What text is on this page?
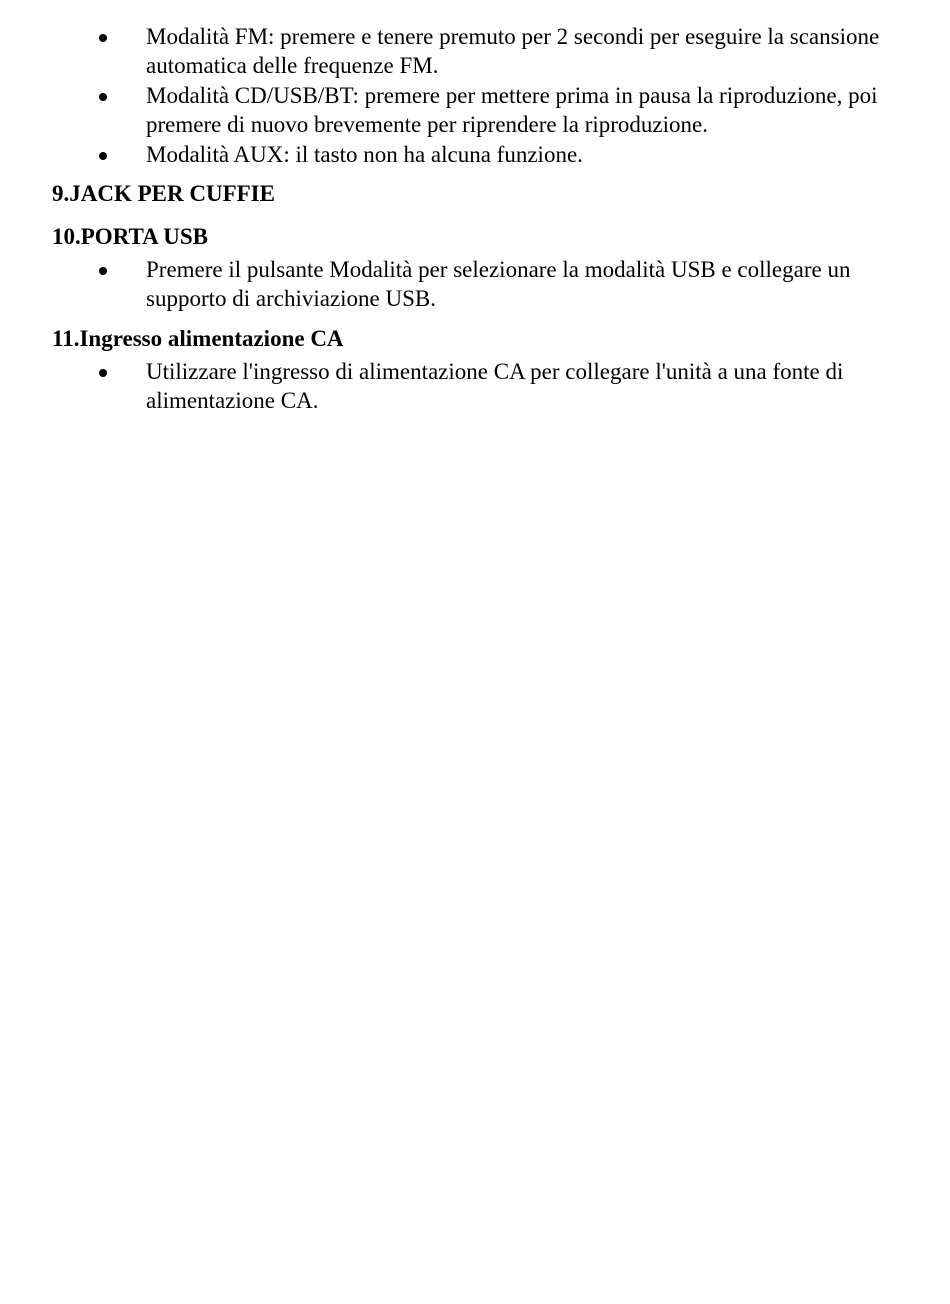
Modalità FM: premere e tenere premuto per 2 secondi per eseguire la scansione automatica delle frequenze FM.
Modalità CD/USB/BT: premere per mettere prima in pausa la riproduzione, poi premere di nuovo brevemente per riprendere la riproduzione.
Modalità AUX: il tasto non ha alcuna funzione.
9.JACK PER CUFFIE
10.PORTA USB
Premere il pulsante Modalità per selezionare la modalità USB e collegare un supporto di archiviazione USB.
11.Ingresso alimentazione CA
Utilizzare l'ingresso di alimentazione CA per collegare l'unità a una fonte di alimentazione CA.
